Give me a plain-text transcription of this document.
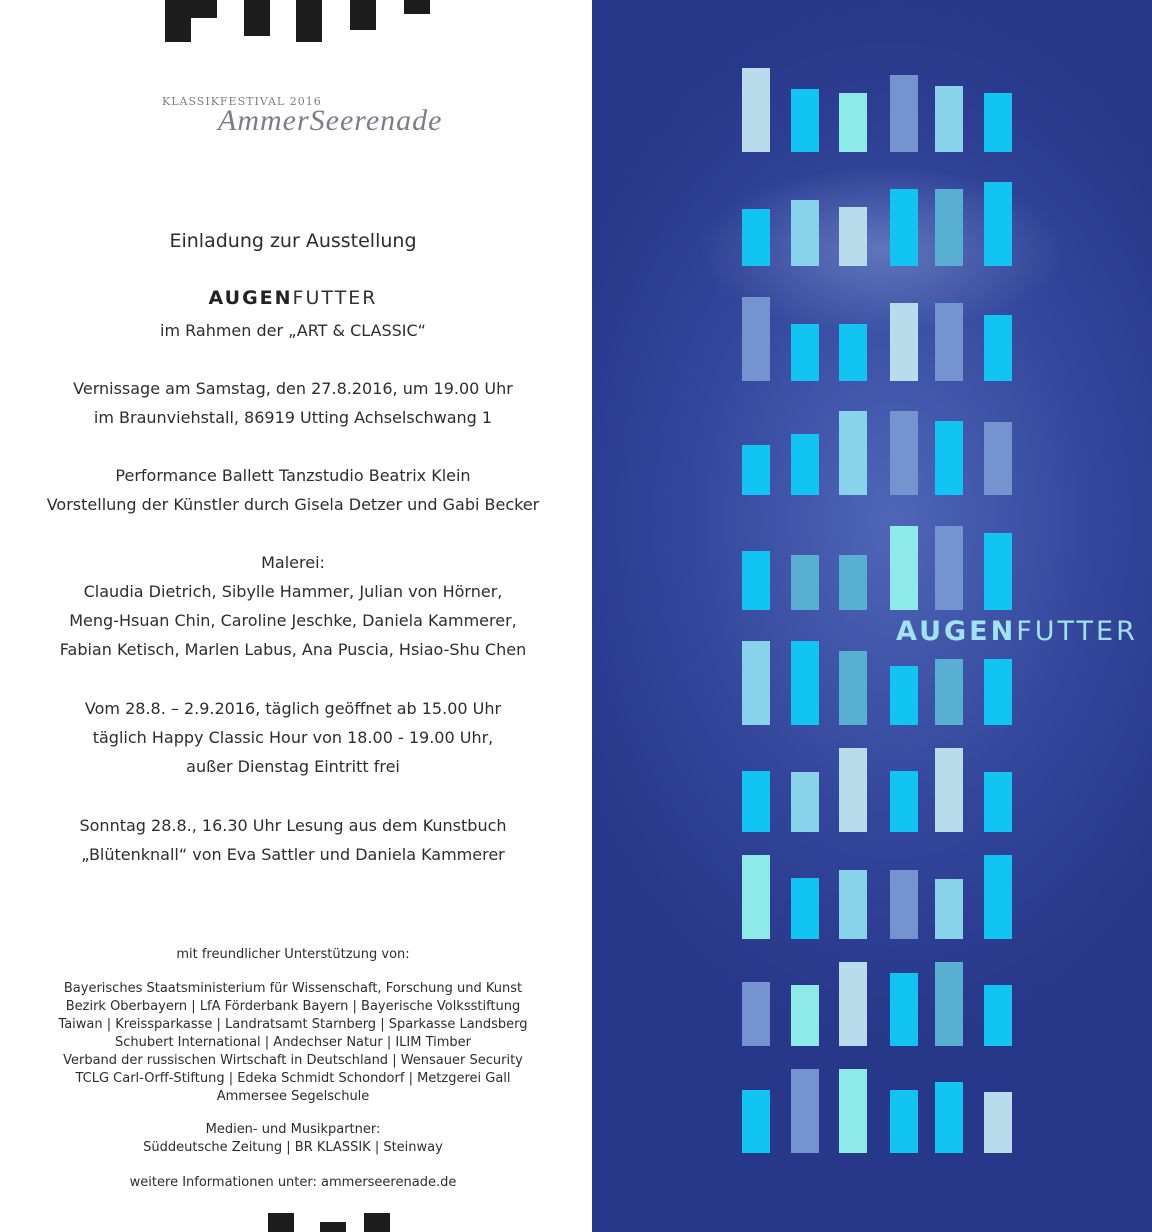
KLASSIKFESTIVAL 2016
AmmerSeerenade
Einladung zur Ausstellung
AUGENFUTTER
im Rahmen der „ART & CLASSIC“
Vernissage am Samstag, den 27.8.2016, um 19.00 Uhr
im Braunviehstall, 86919 Utting Achselschwang 1
Performance Ballett Tanzstudio Beatrix Klein
Vorstellung der Künstler durch Gisela Detzer und Gabi Becker
Malerei:
Claudia Dietrich, Sibylle Hammer, Julian von Hörner,
Meng-Hsuan Chin, Caroline Jeschke, Daniela Kammerer,
Fabian Ketisch, Marlen Labus, Ana Puscia, Hsiao-Shu Chen
Vom 28.8. – 2.9.2016, täglich geöffnet ab 15.00 Uhr
täglich Happy Classic Hour von 18.00 - 19.00 Uhr,
außer Dienstag Eintritt frei
Sonntag 28.8., 16.30 Uhr Lesung aus dem Kunstbuch
„Blütenknall“ von Eva Sattler und Daniela Kammerer
mit freundlicher Unterstützung von:
Bayerisches Staatsministerium für Wissenschaft, Forschung und Kunst
Bezirk Oberbayern | LfA Förderbank Bayern | Bayerische Volksstiftung
Taiwan | Kreissparkasse | Landratsamt Starnberg | Sparkasse Landsberg
Schubert International | Andechser Natur | ILIM Timber
Verband der russischen Wirtschaft in Deutschland | Wensauer Security
TCLG Carl-Orff-Stiftung | Edeka Schmidt Schondorf | Metzgerei Gall
Ammersee Segelschule
Medien- und Musikpartner:
Süddeutsche Zeitung | BR KLASSIK | Steinway
weitere Informationen unter: ammerseerenade.de
AUGENFUTTER
